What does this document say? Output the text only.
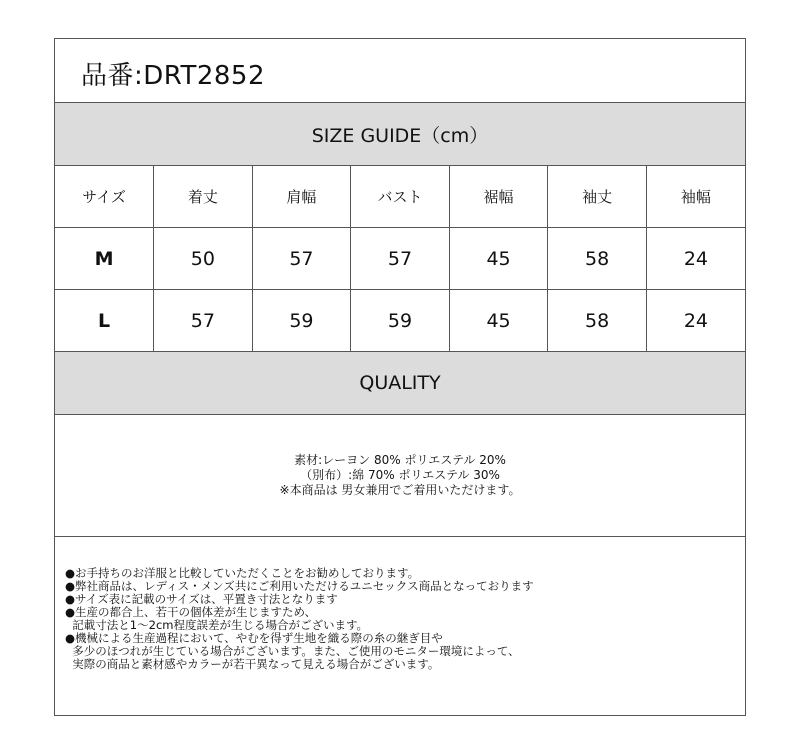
品番:DRT2852
SIZE GUIDE（cm）
サイズ	着丈	肩幅	バスト	裾幅	袖丈	袖幅
M	50	57	57	45	58	24
L	57	59	59	45	58	24
QUALITY
素材:レーヨン 80% ポリエステル 20%
（別布）:綿 70% ポリエステル 30%
※本商品は 男女兼用でご着用いただけます。
●お手持ちのお洋服と比較していただくことをお勧めしております。
●弊社商品は、レディス・メンズ共にご利用いただけるユニセックス商品となっております
●サイズ表に記載のサイズは、平置き寸法となります
●生産の都合上、若干の個体差が生じますため、
記載寸法と1～2cm程度誤差が生じる場合がございます。
●機械による生産過程において、やむを得ず生地を織る際の糸の継ぎ目や
多少のほつれが生じている場合がございます。また、ご使用のモニター環境によって、
実際の商品と素材感やカラーが若干異なって見える場合がございます。
